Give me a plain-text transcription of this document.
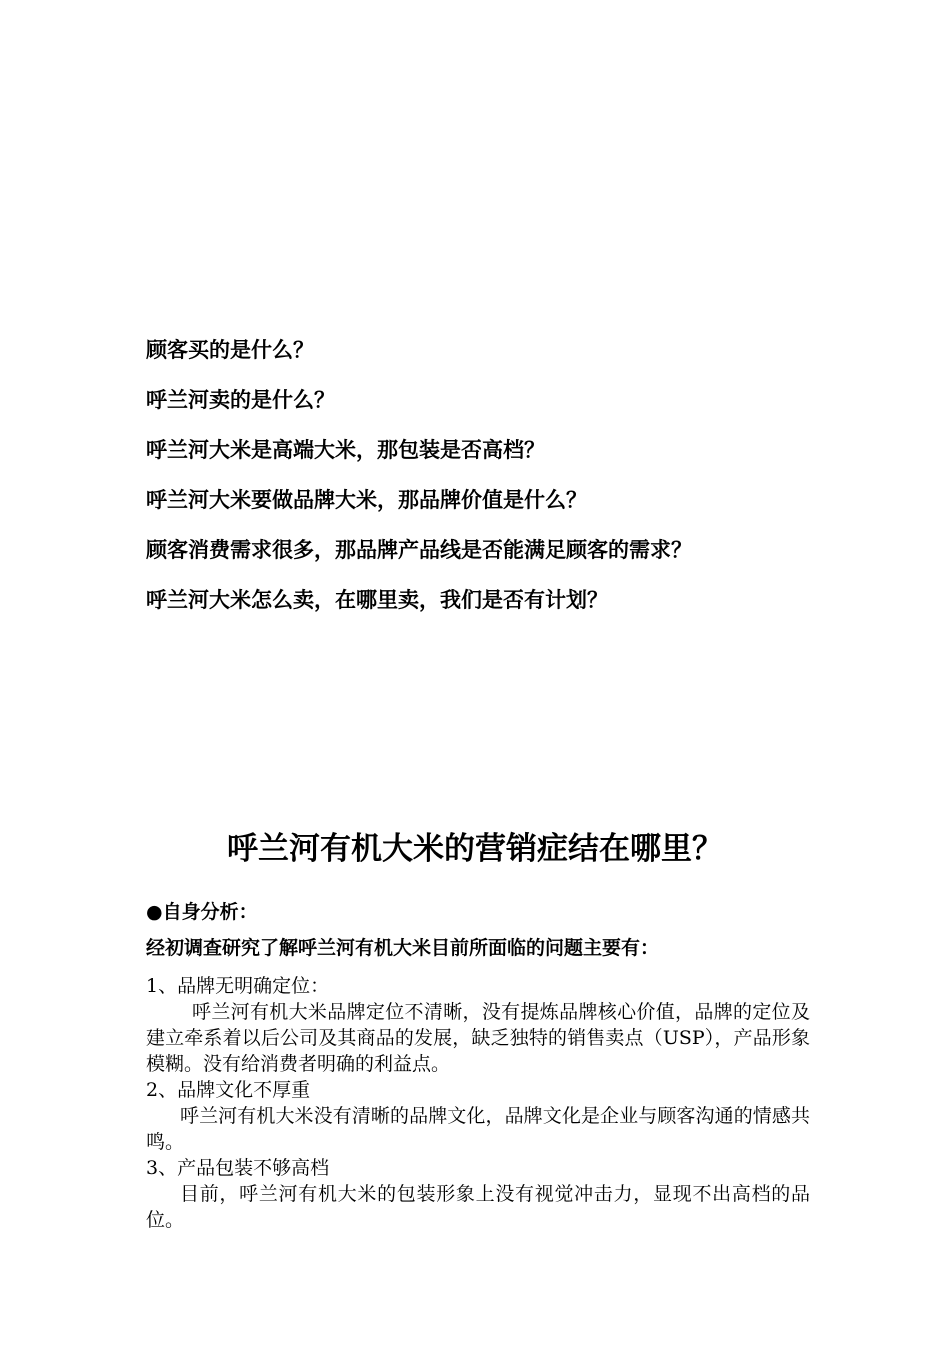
顾客买的是什么？
呼兰河卖的是什么？
呼兰河大米是高端大米，那包装是否高档？
呼兰河大米要做品牌大米，那品牌价值是什么？
顾客消费需求很多，那品牌产品线是否能满足顾客的需求？
呼兰河大米怎么卖，在哪里卖，我们是否有计划？
呼兰河有机大米的营销症结在哪里？
●自身分析：
经初调查研究了解呼兰河有机大米目前所面临的问题主要有：
1、品牌无明确定位：
呼兰河有机大米品牌定位不清晰，没有提炼品牌核心价值，品牌的定位及建立牵系着以后公司及其商品的发展，缺乏独特的销售卖点（USP），产品形象模糊。没有给消费者明确的利益点。
2、品牌文化不厚重
呼兰河有机大米没有清晰的品牌文化，品牌文化是企业与顾客沟通的情感共鸣。
3、产品包装不够高档
目前，呼兰河有机大米的包装形象上没有视觉冲击力，显现不出高档的品位。
